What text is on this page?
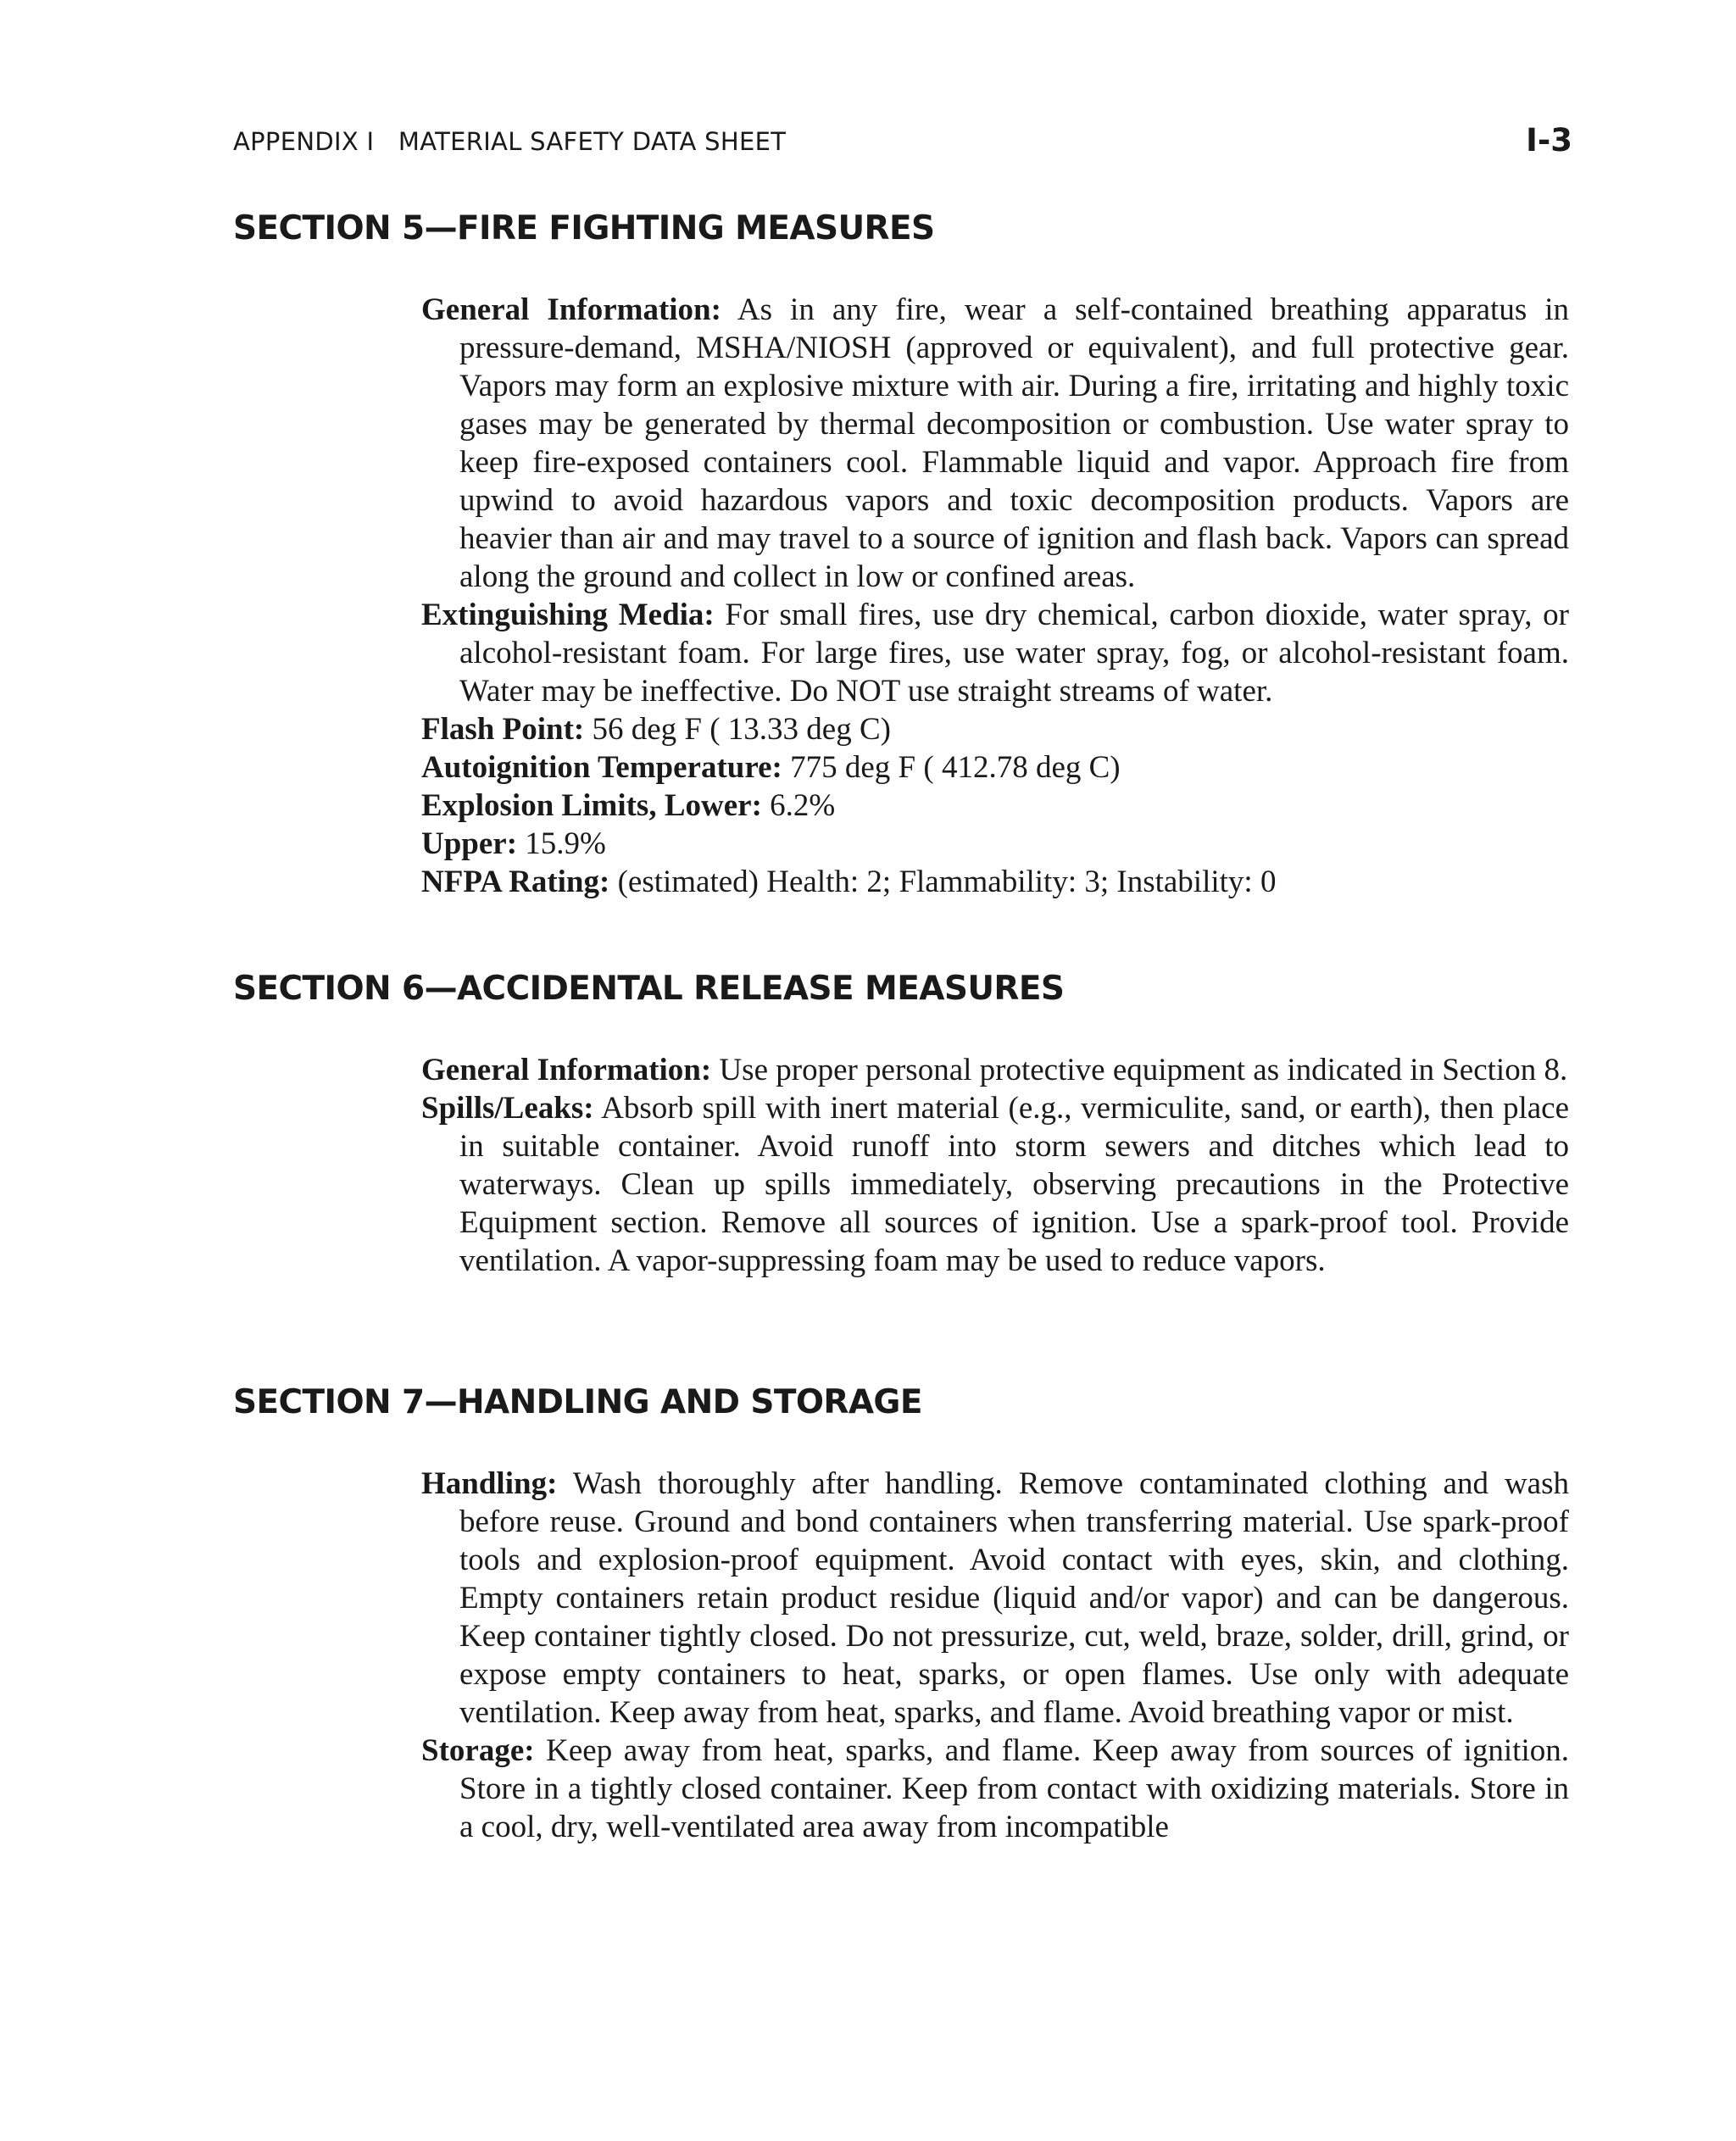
APPENDIX I   MATERIAL SAFETY DATA SHEET	I-3
SECTION 5—FIRE FIGHTING MEASURES

General Information: As in any fire, wear a self-contained breathing apparatus in pressure-demand, MSHA/NIOSH (approved or equivalent), and full protective gear. Vapors may form an explosive mixture with air. During a fire, irritating and highly toxic gases may be generated by thermal decomposition or combustion. Use water spray to keep fire-exposed containers cool. Flammable liquid and vapor. Approach fire from upwind to avoid hazardous vapors and toxic decomposition products. Vapors are heavier than air and may travel to a source of ignition and flash back. Vapors can spread along the ground and collect in low or confined areas.

Extinguishing Media: For small fires, use dry chemical, carbon dioxide, water spray, or alcohol-resistant foam. For large fires, use water spray, fog, or alcohol-resistant foam. Water may be ineffective. Do NOT use straight streams of water.

Flash Point: 56 deg F ( 13.33 deg C)

Autoignition Temperature: 775 deg F ( 412.78 deg C)

Explosion Limits, Lower: 6.2%

Upper: 15.9%

NFPA Rating: (estimated) Health: 2; Flammability: 3; Instability: 0

SECTION 6—ACCIDENTAL RELEASE MEASURES

General Information: Use proper personal protective equipment as indicated in Section 8.

Spills/Leaks: Absorb spill with inert material (e.g., vermiculite, sand, or earth), then place in suitable container. Avoid runoff into storm sewers and ditches which lead to waterways. Clean up spills immediately, observing precautions in the Protective Equipment section. Remove all sources of ignition. Use a spark-proof tool. Provide ventilation. A vapor-suppressing foam may be used to reduce vapors.

SECTION 7—HANDLING AND STORAGE

Handling: Wash thoroughly after handling. Remove contaminated clothing and wash before reuse. Ground and bond containers when transferring material. Use spark-proof tools and explosion-proof equipment. Avoid contact with eyes, skin, and clothing. Empty containers retain product residue (liquid and/or vapor) and can be dangerous. Keep container tightly closed. Do not pressurize, cut, weld, braze, solder, drill, grind, or expose empty containers to heat, sparks, or open flames. Use only with adequate ventilation. Keep away from heat, sparks, and flame. Avoid breathing vapor or mist.

Storage: Keep away from heat, sparks, and flame. Keep away from sources of ignition. Store in a tightly closed container. Keep from contact with oxidizing materials. Store in a cool, dry, well-ventilated area away from incompatible
